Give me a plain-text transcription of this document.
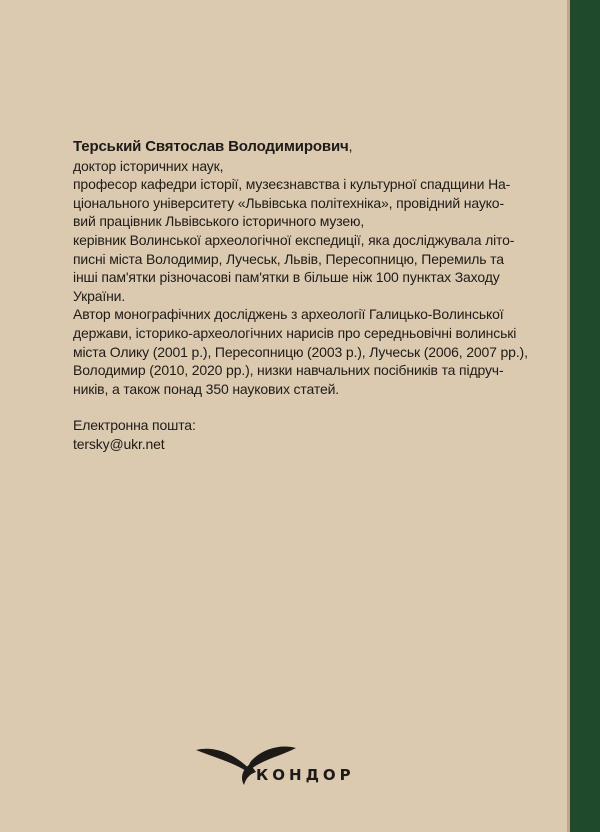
Терський Святослав Володимирович,
доктор історичних наук,
професор кафедри історії, музеєзнавства і культурної спадщини На-
ціонального університету «Львівська політехніка», провідний науко-
вий працівник Львівського історичного музею,
керівник Волинської археологічної експедиції, яка досліджувала літо-
писні міста Володимир, Лучеськ, Львів, Пересопницю, Перемиль та
інші пам'ятки різночасові пам'ятки в більше ніж 100 пунктах Заходу
України.
Автор монографічних досліджень з археології Галицько-Волинської
держави, історико-археологічних нарисів про середньовічні волинські
міста Олику (2001 р.), Пересопницю (2003 р.), Лучеськ (2006, 2007 рр.),
Володимир (2010, 2020 рр.), низки навчальних посібників та підруч-
ників, а також понад 350 наукових статей.
Електронна пошта:
tersky@ukr.net
КОНДОР
